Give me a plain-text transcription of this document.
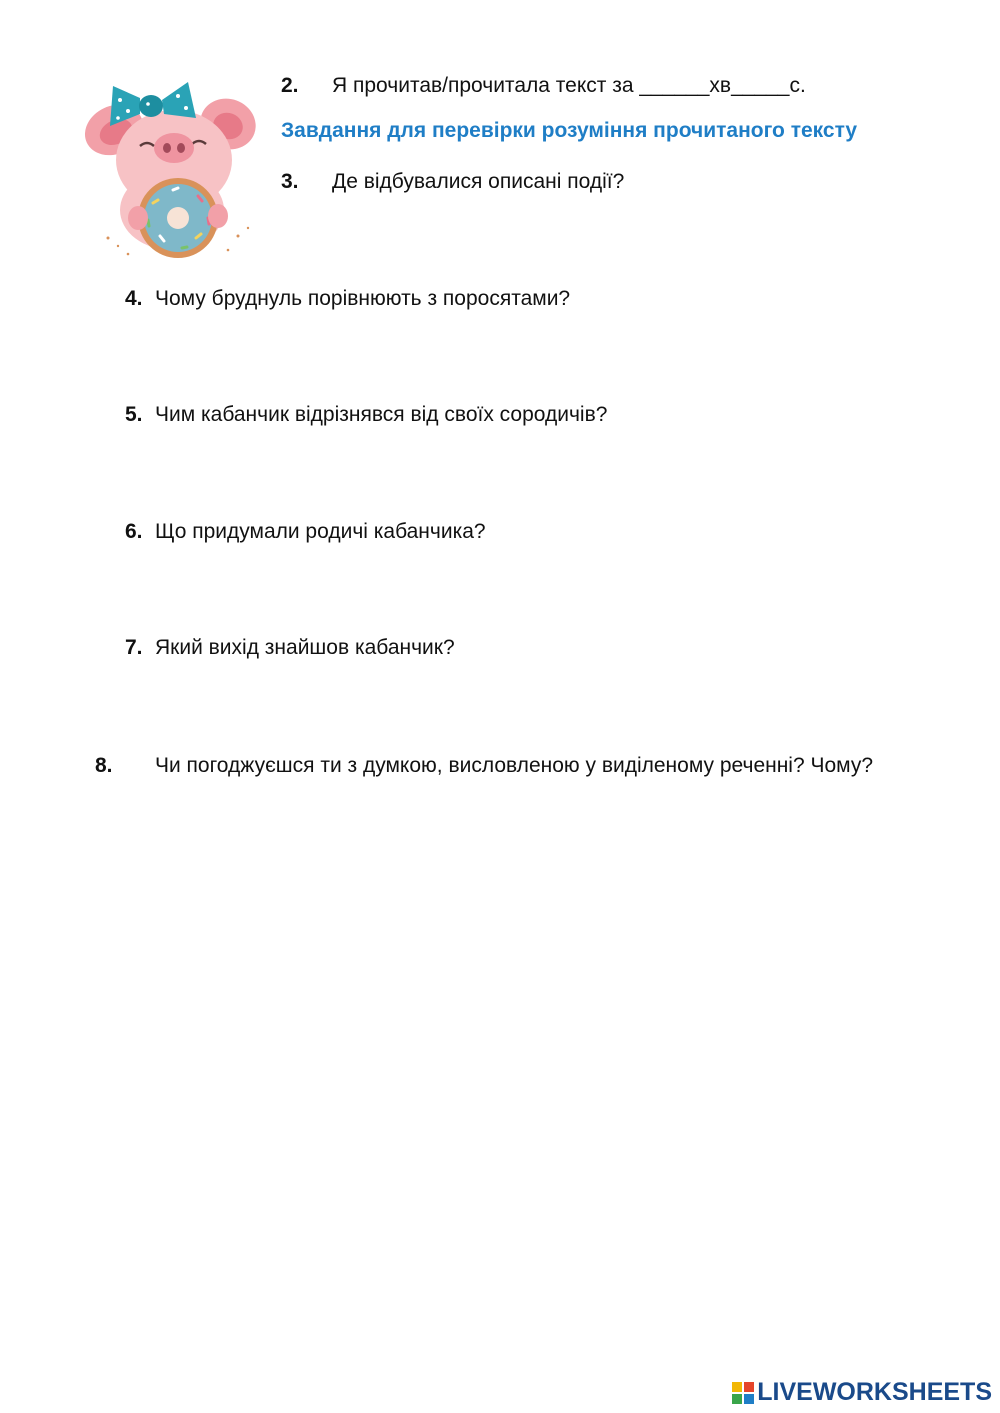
2. Я прочитав/прочитала текст за ______хв_____с.
Завдання для перевірки розуміння прочитаного тексту
3. Де відбувалися описані події?
4. Чому бруднуль порівнюють з поросятами?
5. Чим кабанчик відрізнявся від своїх сородичів?
6. Що придумали родичі кабанчика?
7. Який вихід знайшов кабанчик?
8. Чи погоджуєшся ти з думкою, висловленою у виділеному реченні? Чому?
LIVEWORKSHEETS
